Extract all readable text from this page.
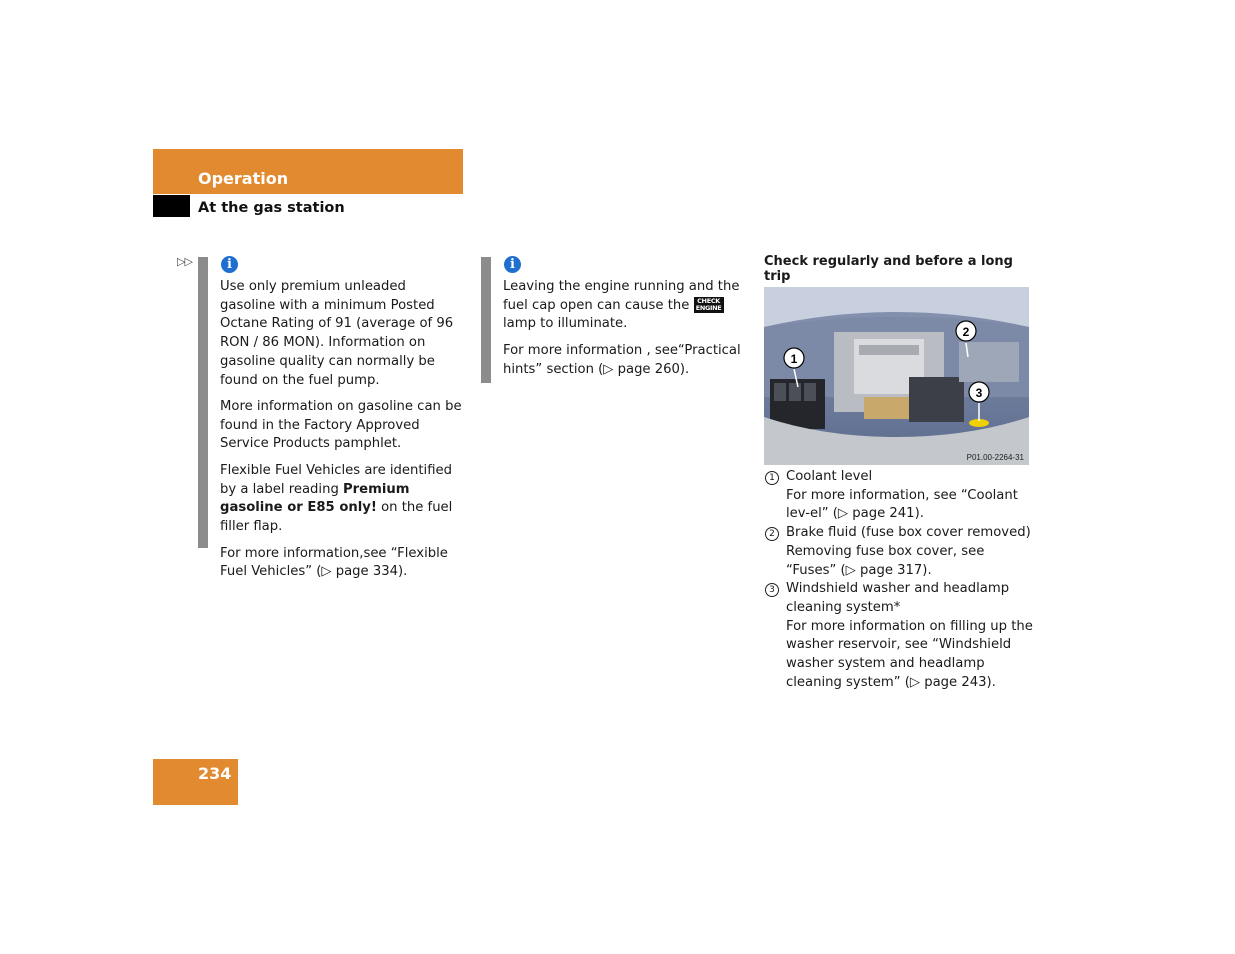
Operation
At the gas station
▷▷	i

Use only premium unleaded gasoline with a minimum Posted Octane Rating of 91 (average of 96 RON / 86 MON). Information on gasoline quality can normally be found on the fuel pump.

More information on gasoline can be found in the Factory Approved Service Products pamphlet.

Flexible Fuel Vehicles are identified by a label reading Premium gasoline or E85 only! on the fuel filler flap.

For more information,see “Flexible Fuel Vehicles” (▷ page 334).

i

Leaving the engine running and the fuel cap open can cause the CHECK
ENGINE lamp to illuminate.

For more information , see“Practical hints” section (▷ page 260).

Check regularly and before a long trip
1
2
3
P01.00-2264-31
1 Coolant level
For more information, see “Coolant lev-el” (▷ page 241).
2 Brake fluid (fuse box cover removed)
Removing fuse box cover, see “Fuses” (▷ page 317).
3 Windshield washer and headlamp cleaning system*
For more information on filling up the washer reservoir, see “Windshield washer system and headlamp cleaning system” (▷ page 243).
234
